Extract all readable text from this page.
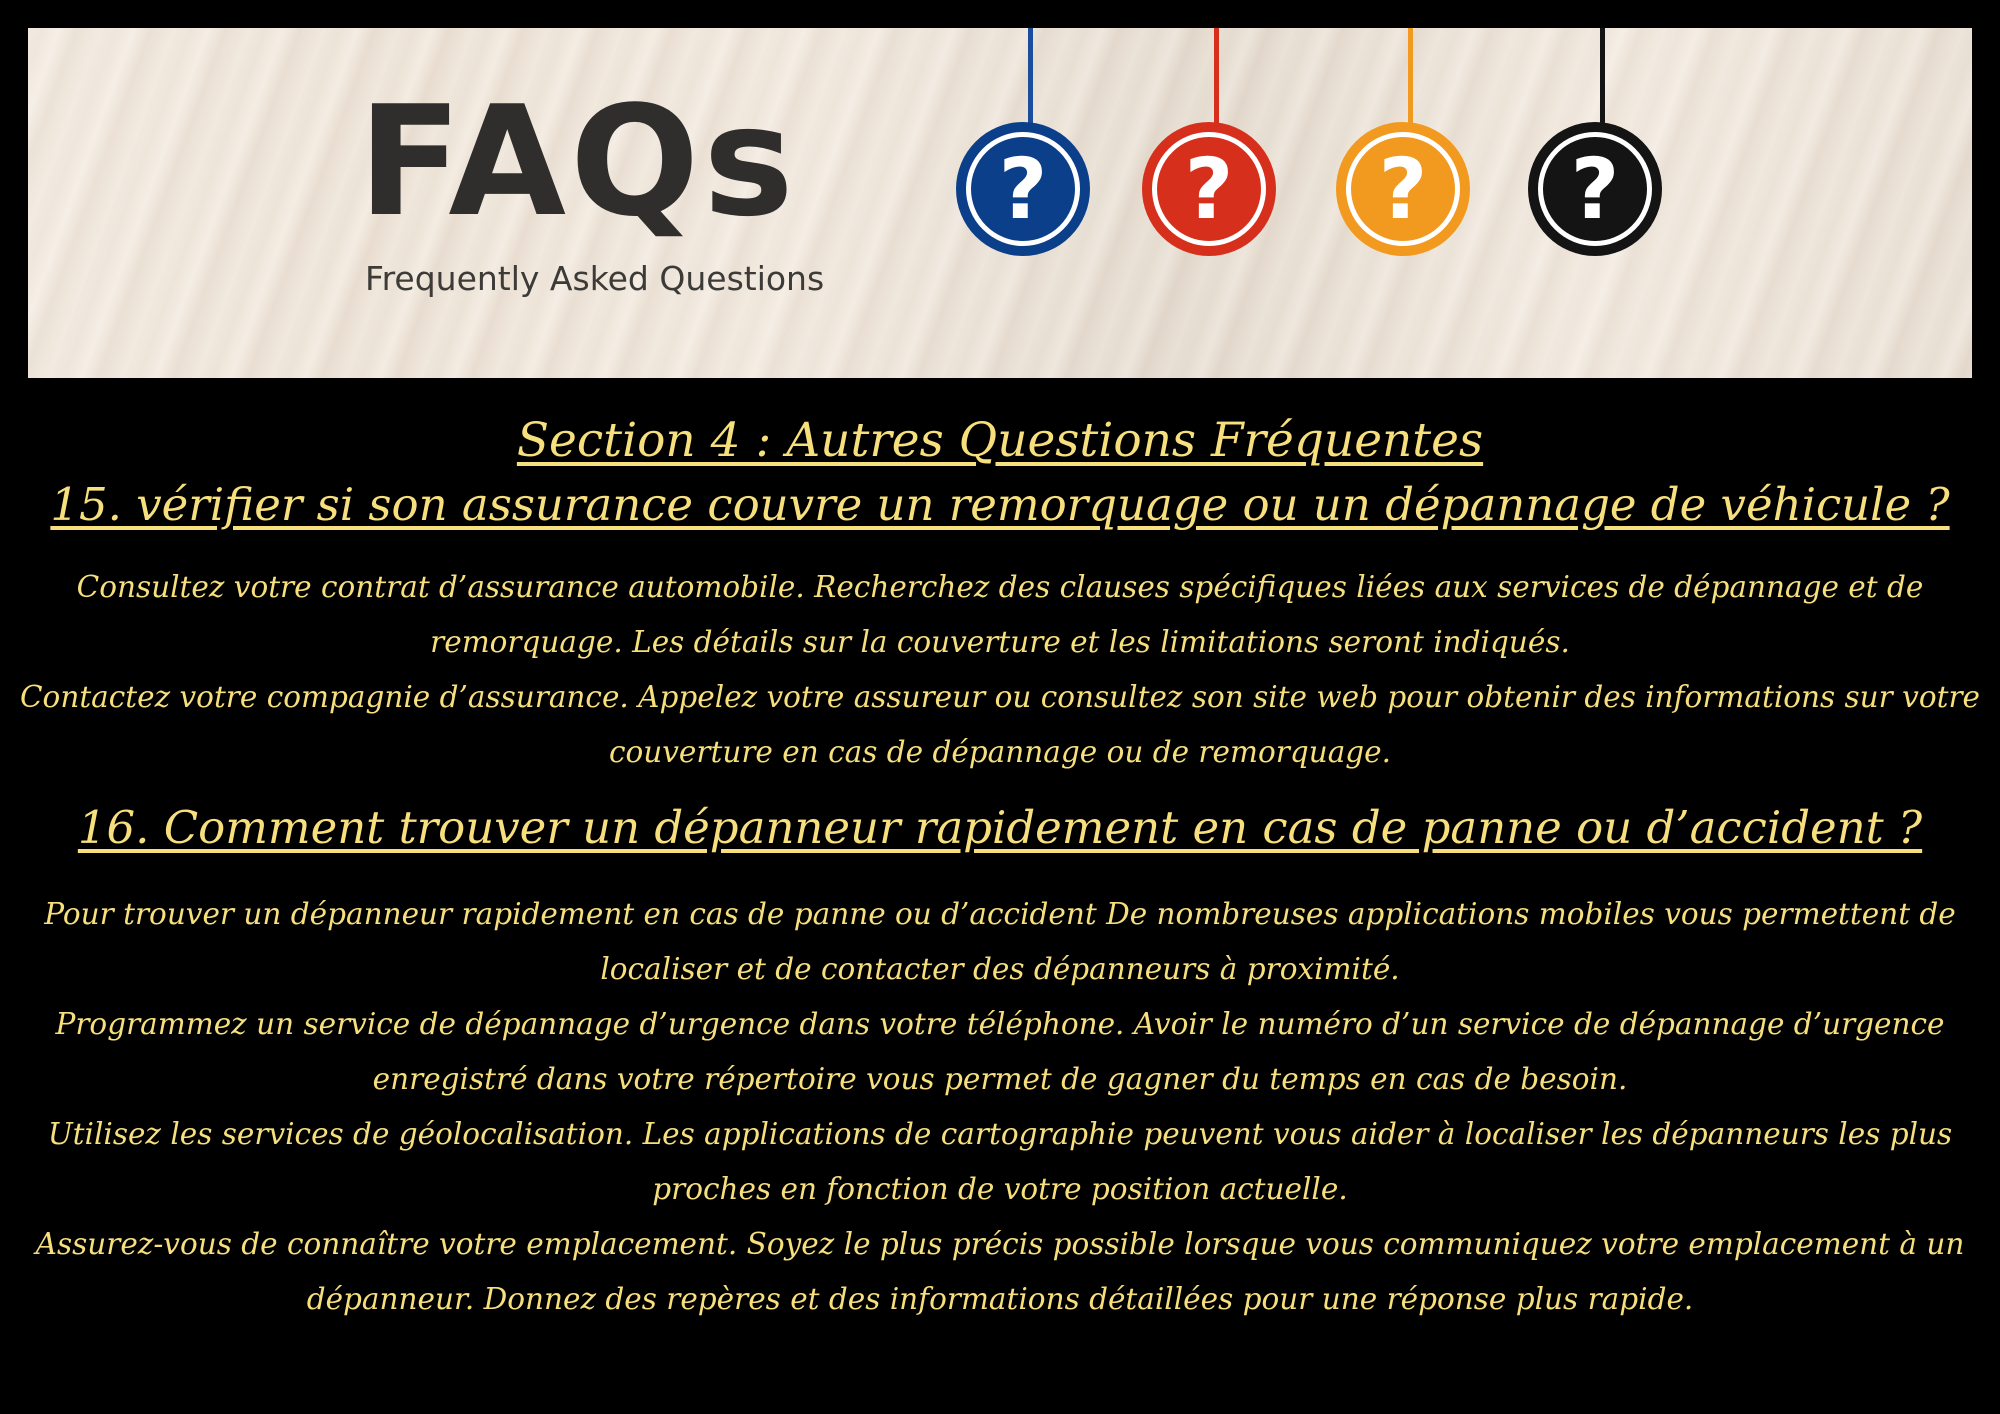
FAQs
Frequently Asked Questions
?	?	?	?
Section 4 : Autres Questions Fréquentes
15. vérifier si son assurance couvre un remorquage ou un dépannage de véhicule ?

Consultez votre contrat d’assurance automobile. Recherchez des clauses spécifiques liées aux services de dépannage et de remorquage. Les détails sur la couverture et les limitations seront indiqués.

Contactez votre compagnie d’assurance. Appelez votre assureur ou consultez son site web pour obtenir des informations sur votre couverture en cas de dépannage ou de remorquage.

16. Comment trouver un dépanneur rapidement en cas de panne ou d’accident ?

Pour trouver un dépanneur rapidement en cas de panne ou d’accident De nombreuses applications mobiles vous permettent de localiser et de contacter des dépanneurs à proximité.

Programmez un service de dépannage d’urgence dans votre téléphone. Avoir le numéro d’un service de dépannage d’urgence enregistré dans votre répertoire vous permet de gagner du temps en cas de besoin.

Utilisez les services de géolocalisation. Les applications de cartographie peuvent vous aider à localiser les dépanneurs les plus proches en fonction de votre position actuelle.

Assurez-vous de connaître votre emplacement. Soyez le plus précis possible lorsque vous communiquez votre emplacement à un dépanneur. Donnez des repères et des informations détaillées pour une réponse plus rapide.
